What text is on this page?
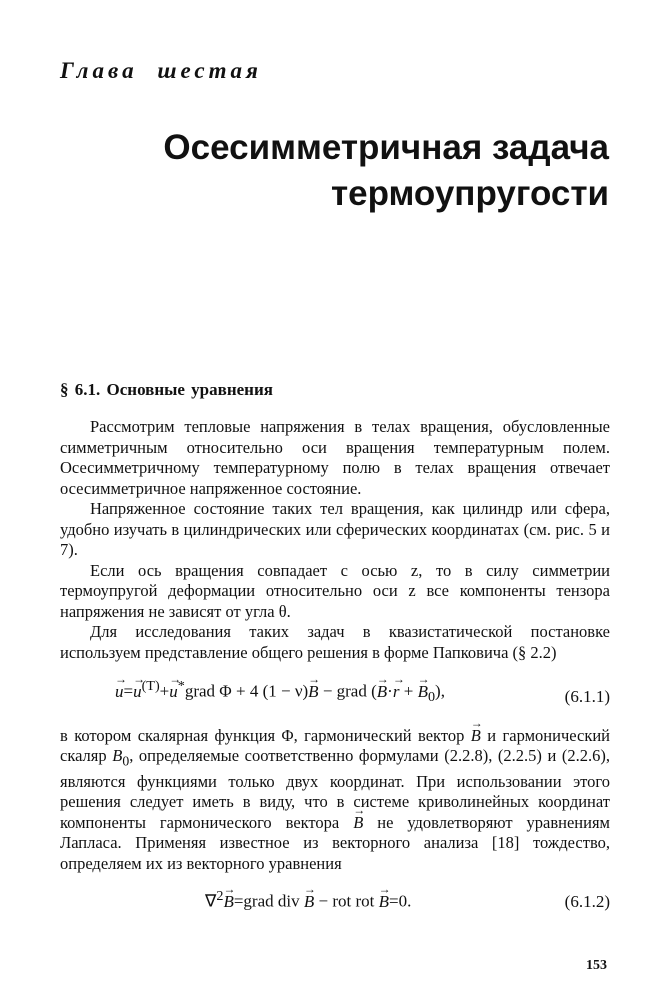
Глава шестая
Осесимметричная задача
термоупругости
§ 6.1. Основные уравнения

Рассмотрим тепловые напряжения в телах вращения, обусловленные симметричным относительно оси вращения температурным полем. Осесимметричному температурному полю в телах вращения отвечает осесимметричное напряженное состояние.

Напряженное состояние таких тел вращения, как цилиндр или сфера, удобно изучать в цилиндрических или сферических координатах (см. рис. 5 и 7).

Если ось вращения совпадает с осью z, то в силу симметрии термоупругой деформации относительно оси z все компоненты тензора напряжения не зависят от угла θ.

Для исследования таких задач в квазистатической постановке используем представление общего решения в форме Папковича (§ 2.2)

→ $u=\to u^{(T)}+\to$ u*grad Φ + 4 (1 − ν)→ B − grad (→ B·→ r + → $B_0$),	(6.1.1)

в котором скалярная функция Φ, гармонический вектор → B и гармонический скаляр $B_0$, определяемые соответственно формулами (2.2.8), (2.2.5) и (2.2.6), являются функциями только двух координат. При использовании этого решения следует иметь в виду, что в системе криволинейных координат компоненты гармонического вектора → B не удовлетворяют уравнениям Лапласа. Применяя известное из векторного анализа [18] тождество, определяем их из векторного уравнения

∇$^2$→ B=grad div → B − rot rot → B=0.	(6.1.2)
153
